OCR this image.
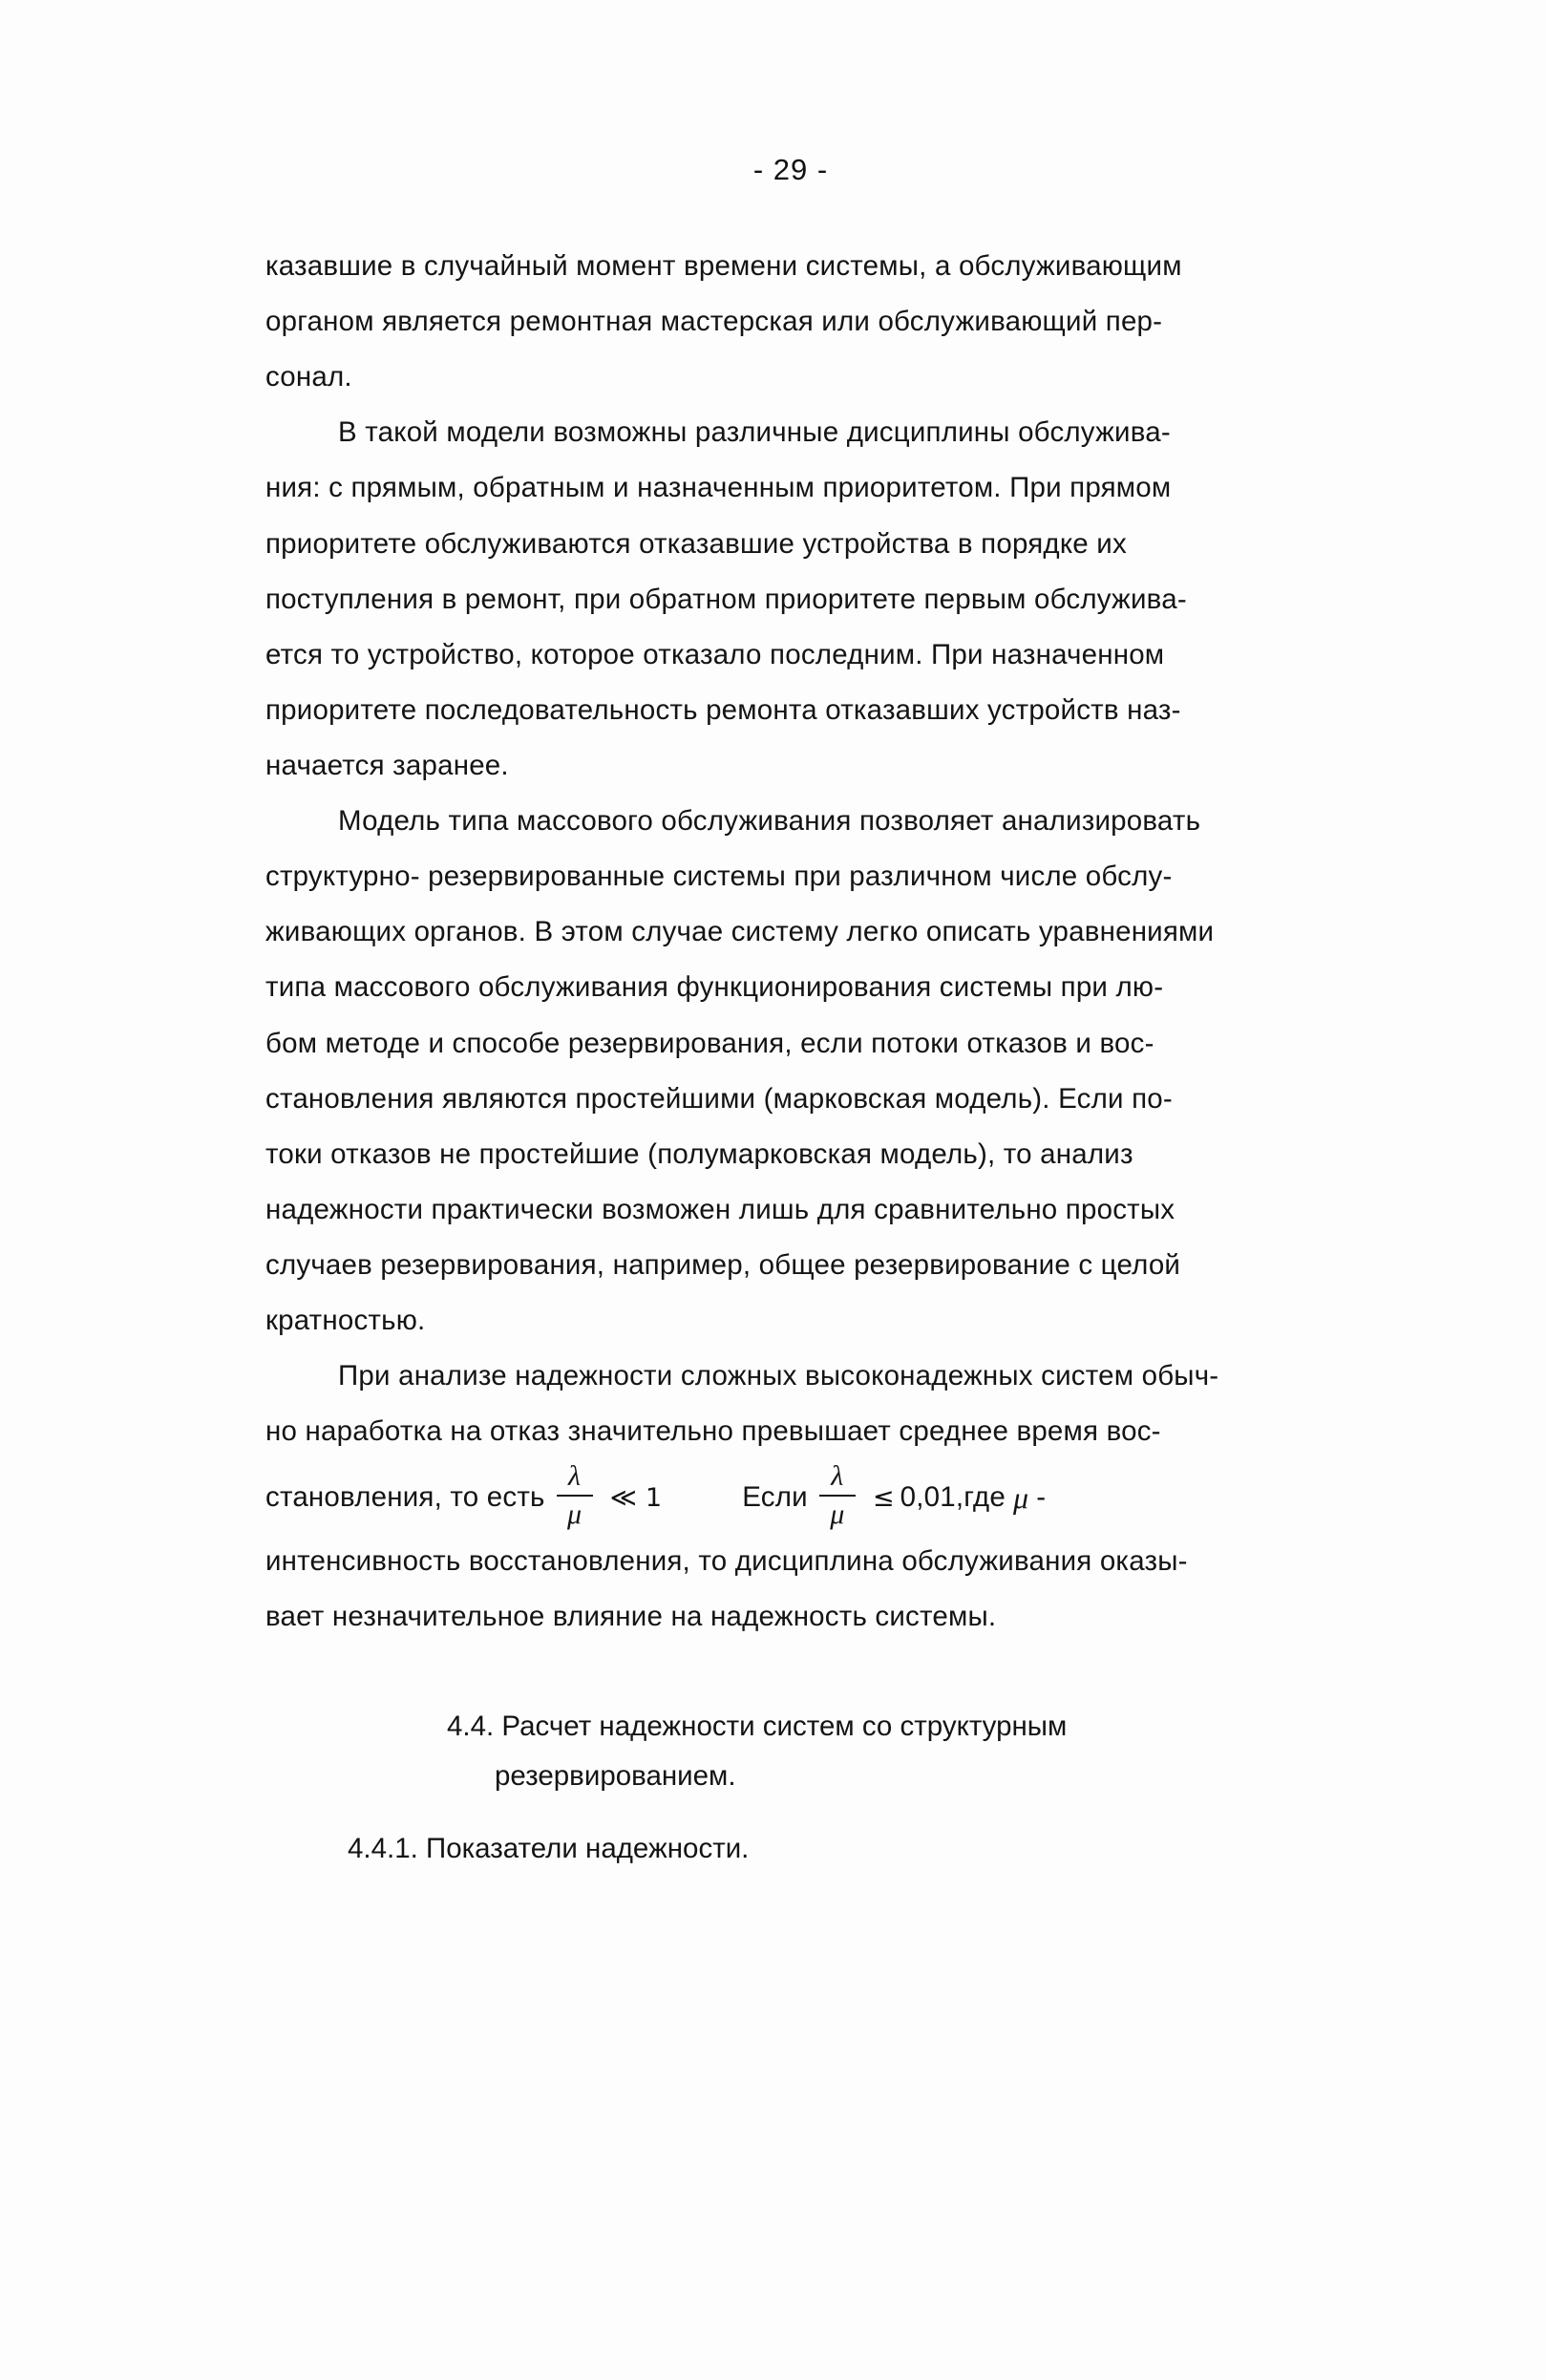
- 29 -
казавшие в случайный момент времени системы, а обслуживающим
органом является ремонтная мастерская или обслуживающий пер-
сонал.
В такой модели возможны различные дисциплины обслужива-
ния: с прямым, обратным и назначенным приоритетом. При прямом
приоритете обслуживаются отказавшие устройства в порядке их
поступления в ремонт, при обратном приоритете первым обслужива-
ется то устройство, которое отказало последним. При назначенном
приоритете последовательность ремонта отказавших устройств наз-
начается заранее.
Модель типа массового обслуживания позволяет анализировать
структурно- резервированные системы при различном числе обслу-
живающих органов. В этом случае систему легко описать уравнениями
типа массового обслуживания функционирования системы при лю-
бом методе и способе резервирования, если потоки отказов и вос-
становления являются простейшими (марковская модель). Если по-
токи отказов не простейшие (полумарковская модель), то анализ
надежности практически возможен лишь для сравнительно простых
случаев резервирования, например, общее резервирование с целой
кратностью.
При анализе надежности сложных высоконадежных систем обыч-
но наработка на отказ значительно превышает среднее время вос-
становления, то есть $\frac{\lambda}{\mu}$ ≪ 1	Если $\frac{\lambda}{\mu} \le 0,01$, где μ -
интенсивность восстановления, то дисциплина обслуживания оказы-
вает незначительное влияние на надежность системы.
4.4. Расчет надежности систем со структурным
резервированием.
4.4.1. Показатели надежности.
